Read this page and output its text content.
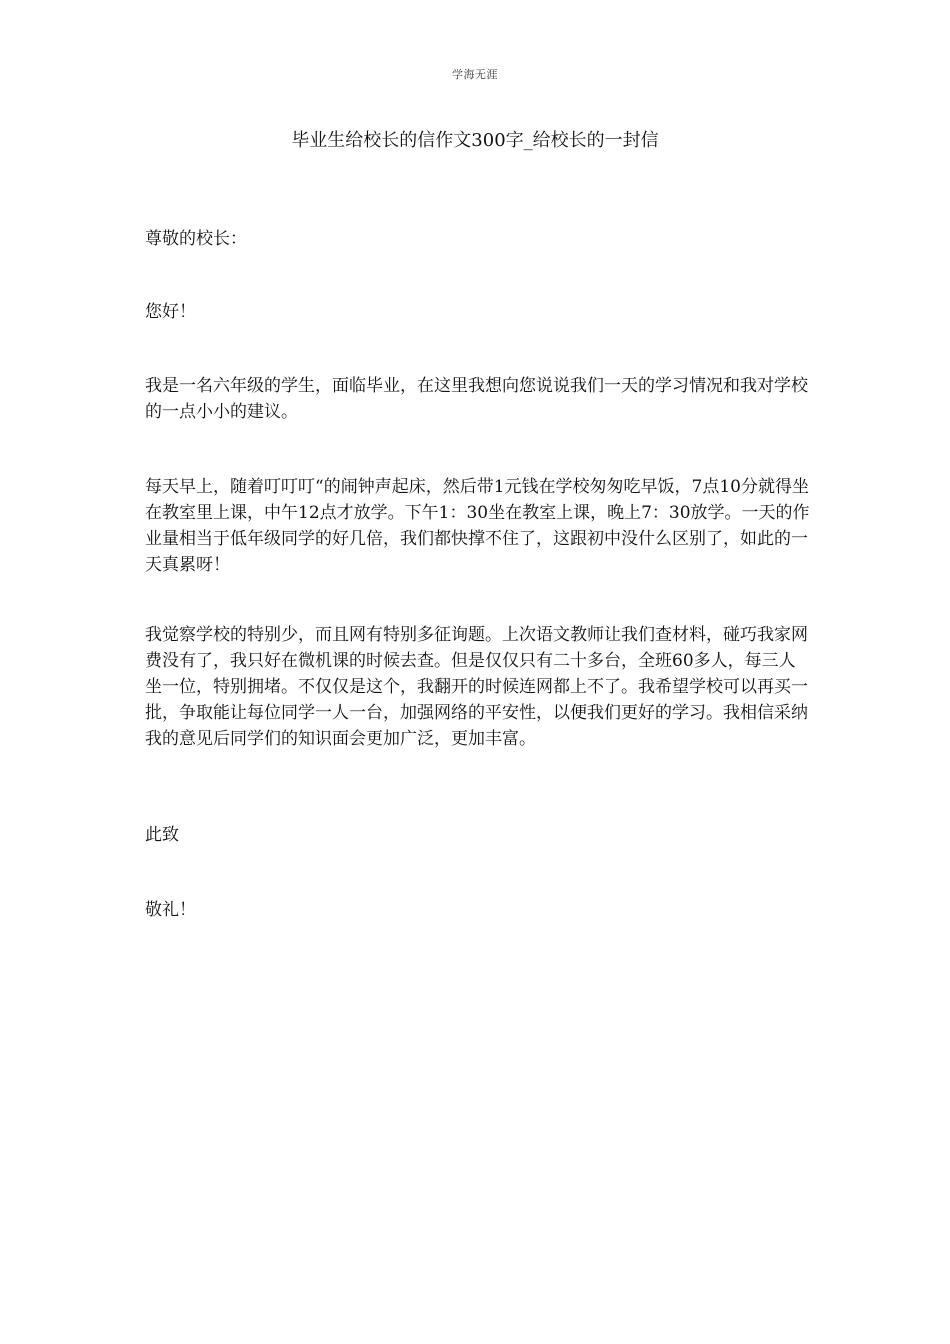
学海无涯
毕业生给校长的信作文300字_给校长的一封信

尊敬的校长：

您好！

我是一名六年级的学生，面临毕业，在这里我想向您说说我们一天的学习情况和我对学校的一点小小的建议。

每天早上，随着叮叮叮“的闹钟声起床，然后带1元钱在学校匆匆吃早饭，7点10分就得坐在教室里上课，中午12点才放学。下午1：30坐在教室上课，晚上7：30放学。一天的作业量相当于低年级同学的好几倍，我们都快撑不住了，这跟初中没什么区别了，如此的一天真累呀！

我觉察学校的特别少，而且网有特别多征询题。上次语文教师让我们查材料，碰巧我家网费没有了，我只好在微机课的时候去查。但是仅仅只有二十多台，全班60多人，每三人坐一位，特别拥堵。不仅仅是这个，我翻开的时候连网都上不了。我希望学校可以再买一批，争取能让每位同学一人一台，加强网络的平安性，以便我们更好的学习。我相信采纳我的意见后同学们的知识面会更加广泛，更加丰富。

此致

敬礼！
